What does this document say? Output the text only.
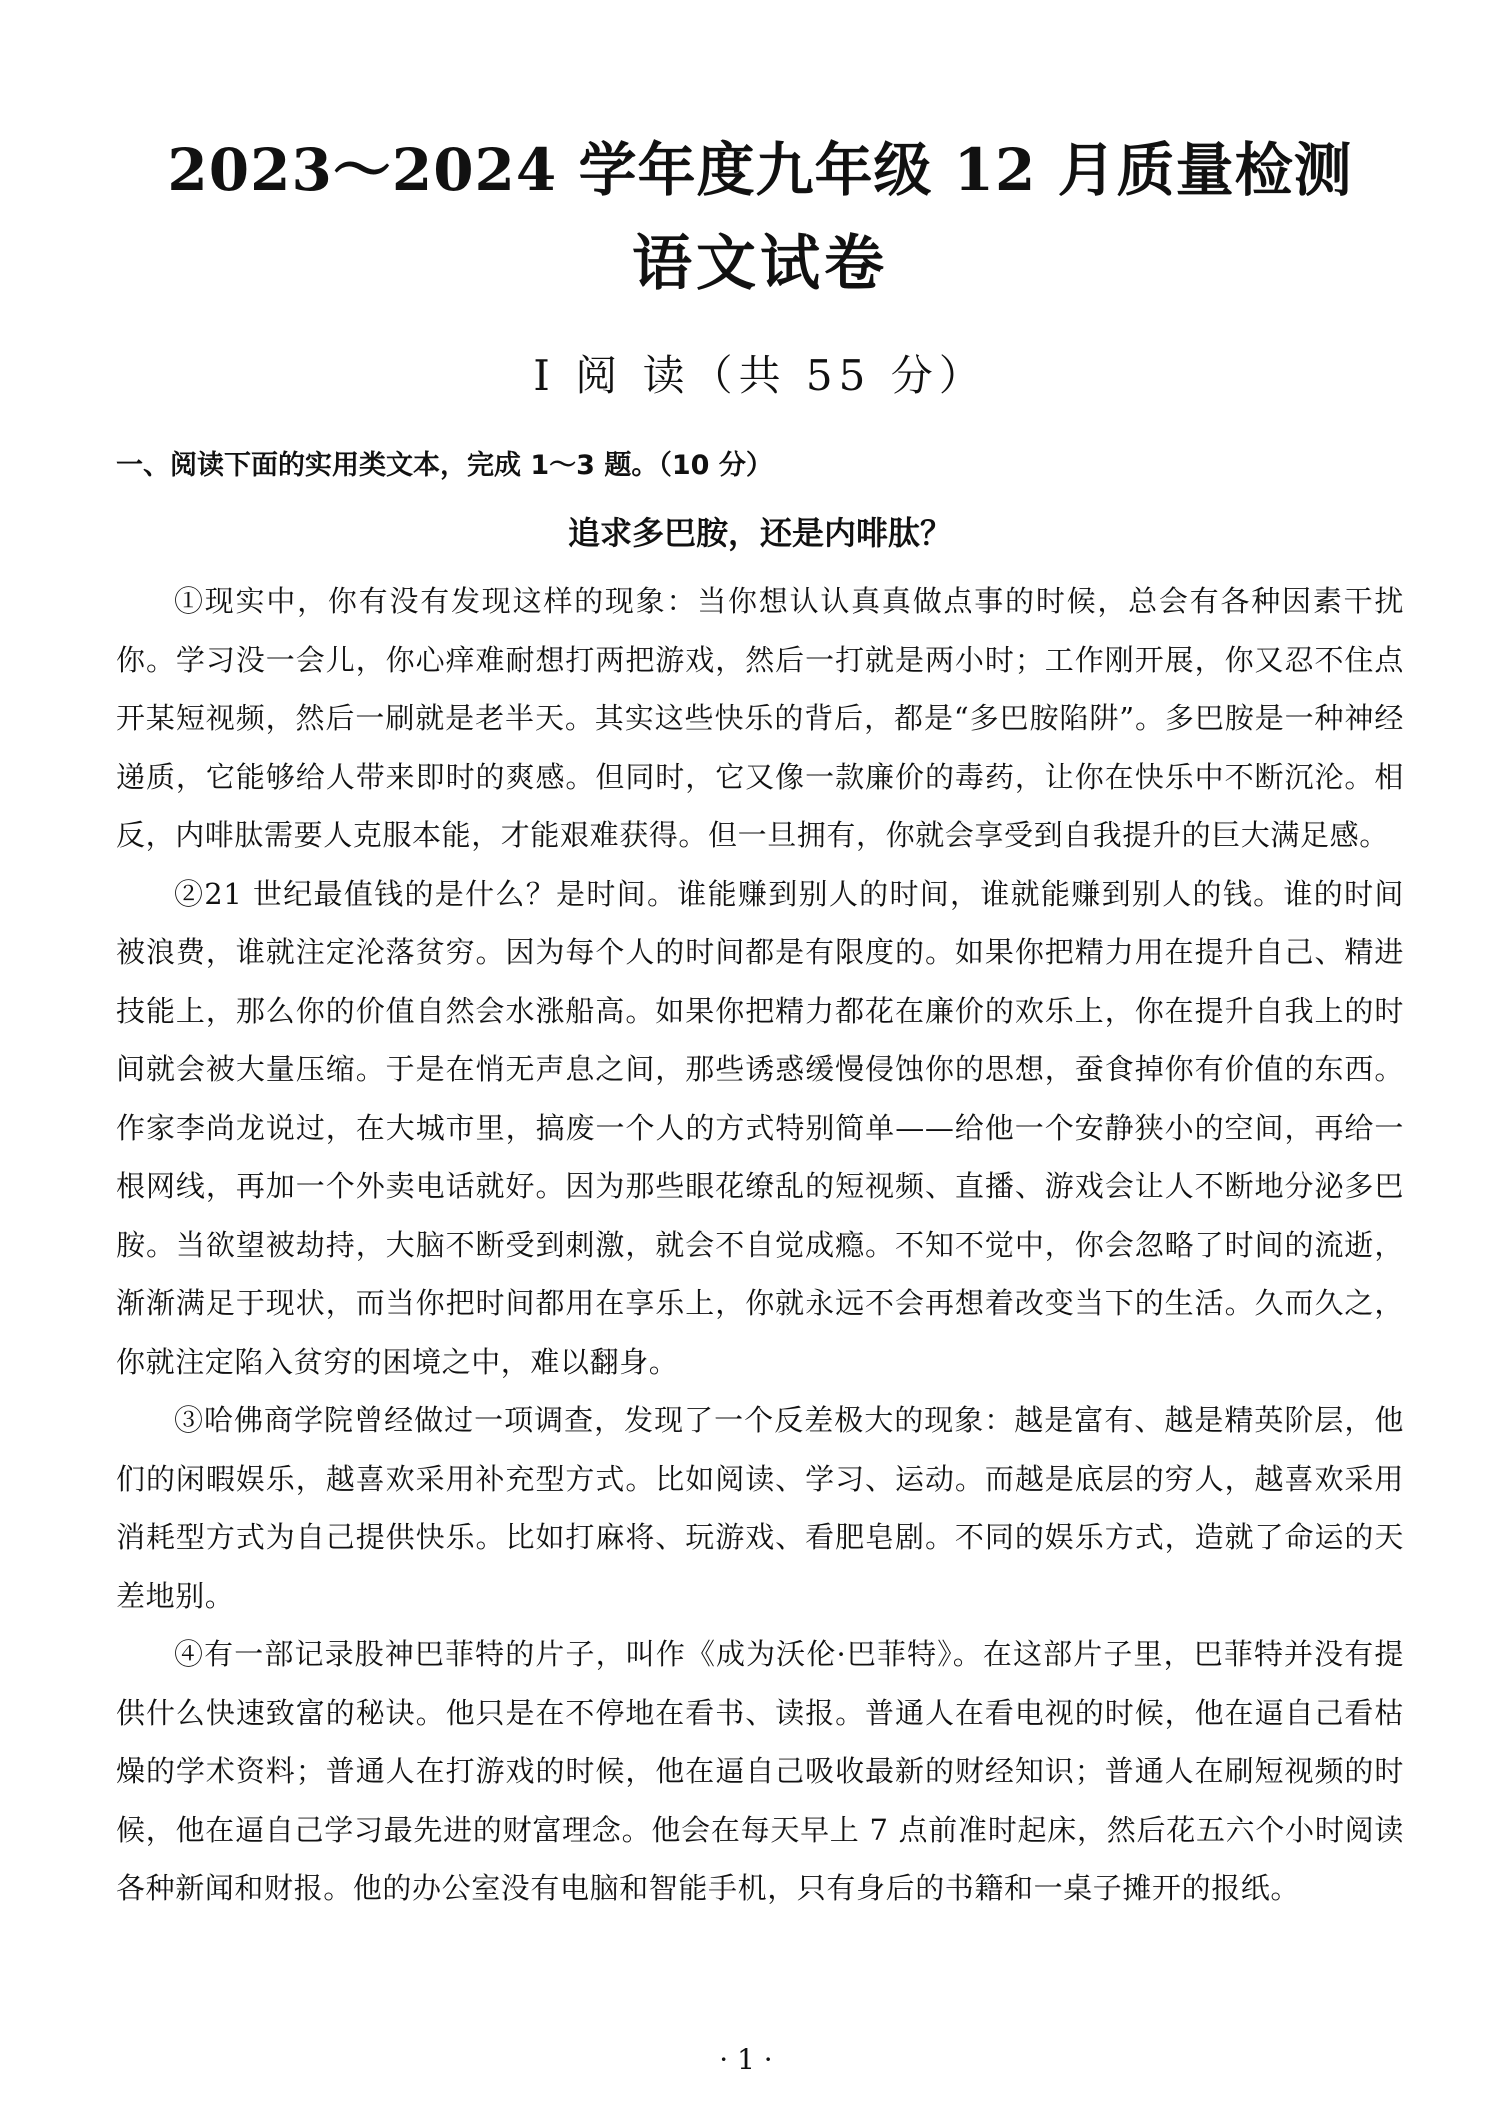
2023～2024 学年度九年级 12 月质量检测
语文试卷
Ⅰ 阅 读（共 55 分）
一、阅读下面的实用类文本，完成 1～3 题。（10 分）
追求多巴胺，还是内啡肽？

①现实中，你有没有发现这样的现象：当你想认认真真做点事的时候，总会有各种因素干扰你。学习没一会儿，你心痒难耐想打两把游戏，然后一打就是两小时；工作刚开展，你又忍不住点开某短视频，然后一刷就是老半天。其实这些快乐的背后，都是“多巴胺陷阱”。多巴胺是一种神经递质，它能够给人带来即时的爽感。但同时，它又像一款廉价的毒药，让你在快乐中不断沉沦。相反，内啡肽需要人克服本能，才能艰难获得。但一旦拥有，你就会享受到自我提升的巨大满足感。

②21 世纪最值钱的是什么？是时间。谁能赚到别人的时间，谁就能赚到别人的钱。谁的时间被浪费，谁就注定沦落贫穷。因为每个人的时间都是有限度的。如果你把精力用在提升自己、精进技能上，那么你的价值自然会水涨船高。如果你把精力都花在廉价的欢乐上，你在提升自我上的时间就会被大量压缩。于是在悄无声息之间，那些诱惑缓慢侵蚀你的思想，蚕食掉你有价值的东西。作家李尚龙说过，在大城市里，搞废一个人的方式特别简单——给他一个安静狭小的空间，再给一根网线，再加一个外卖电话就好。因为那些眼花缭乱的短视频、直播、游戏会让人不断地分泌多巴胺。当欲望被劫持，大脑不断受到刺激，就会不自觉成瘾。不知不觉中，你会忽略了时间的流逝，渐渐满足于现状，而当你把时间都用在享乐上，你就永远不会再想着改变当下的生活。久而久之，你就注定陷入贫穷的困境之中，难以翻身。

③哈佛商学院曾经做过一项调查，发现了一个反差极大的现象：越是富有、越是精英阶层，他们的闲暇娱乐，越喜欢采用补充型方式。比如阅读、学习、运动。而越是底层的穷人，越喜欢采用消耗型方式为自己提供快乐。比如打麻将、玩游戏、看肥皂剧。不同的娱乐方式，造就了命运的天差地别。

④有一部记录股神巴菲特的片子，叫作《成为沃伦·巴菲特》。在这部片子里，巴菲特并没有提供什么快速致富的秘诀。他只是在不停地在看书、读报。普通人在看电视的时候，他在逼自己看枯燥的学术资料；普通人在打游戏的时候，他在逼自己吸收最新的财经知识；普通人在刷短视频的时候，他在逼自己学习最先进的财富理念。他会在每天早上 7 点前准时起床，然后花五六个小时阅读各种新闻和财报。他的办公室没有电脑和智能手机，只有身后的书籍和一桌子摊开的报纸。

· 1 ·
